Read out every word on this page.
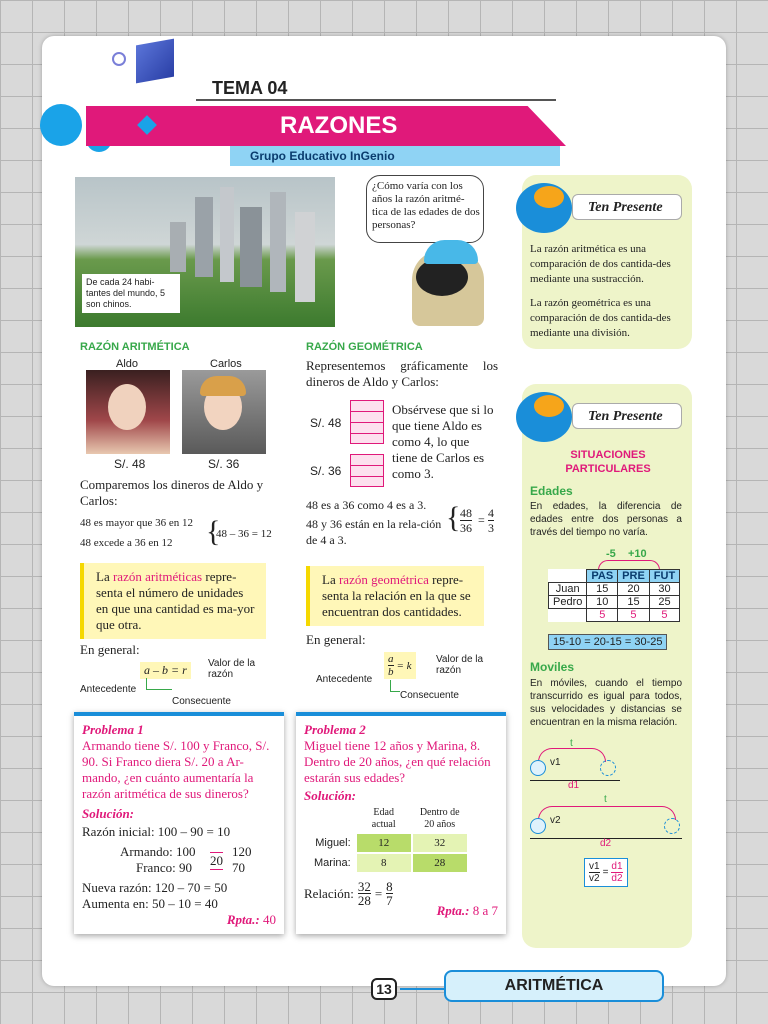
TEMA 04
RAZONES
Grupo Educativo InGenio
De cada 24 habi-tantes del mundo, 5 son chinos.
¿Cómo varía con los años la razón aritmé-tica de las edades de dos personas?
Ten Presente
La razón aritmética es una comparación de dos cantida-des mediante una sustracción.
La razón geométrica es una comparación de dos cantida-des mediante una división.
RAZÓN ARITMÉTICA
Aldo	Carlos
S/. 48	S/. 36
Comparemos los dineros de Aldo y Carlos:
48 es mayor que 36 en 12
48 excede a 36 en 12 {
48 – 36 = 12
La razón aritméticas repre-senta el número de unidades en que una cantidad es ma-yor que otra.
En general:
a – b = r	Valor de la razón
Antecedente
Consecuente
RAZÓN GEOMÉTRICA
Representemos gráficamente los dineros de Aldo y Carlos:
S/. 48
S/. 36
Obsérvese que si lo que tiene Aldo es como 4, lo que tiene de Carlos es como 3.
48 es a 36 como 4 es a 3.
48 y 36 están en la rela-ción de 4 a 3.
{ $\frac{48}{36} = \frac{4}{3}$
La razón geométrica repre-senta la relación en la que se encuentran dos cantidades.
En general:
$\frac{a}{b} = k$ Valor de la razón
Antecedente
Consecuente
Problema 1
Armando tiene S/. 100 y Franco, S/. 90. Si Franco diera S/. 20 a Ar-mando, ¿en cuánto aumentaría la razón aritmética de sus dineros?
Solución:
Razón inicial: 100 – 90 = 10
Armando: 100	120
Franco: 90	70
20
Nueva razón: 120 – 70 = 50
Aumenta en: 50 – 10 = 40
Rpta.: 40
Problema 2
Miguel tiene 12 años y Marina, 8. Dentro de 20 años, ¿en qué relación estarán sus edades?
Solución:
	Edad actual	Dentro de 20 años
Miguel:	12	32
Marina:	8	28
Relación: $\frac{32}{28} = \frac{8}{7}$
Rpta.: 8 a 7
Ten Presente
SITUACIONES PARTICULARES
Edades
En edades, la diferencia de edades entre dos personas a través del tiempo no varía.
-5 +10
	PAS	PRE	FUT
Juan	15	20	30
Pedro	10	15	25
	5	5	5
15-10 = 20-15 = 30-25
Moviles
En móviles, cuando el tiempo transcurrido es igual para todos, sus velocidades y distancias se encuentran en la misma relación.
t
v1
d1
t
v2
d2
$\frac{v1}{v2} = \frac{d1}{d2}$
13	ARITMÉTICA
